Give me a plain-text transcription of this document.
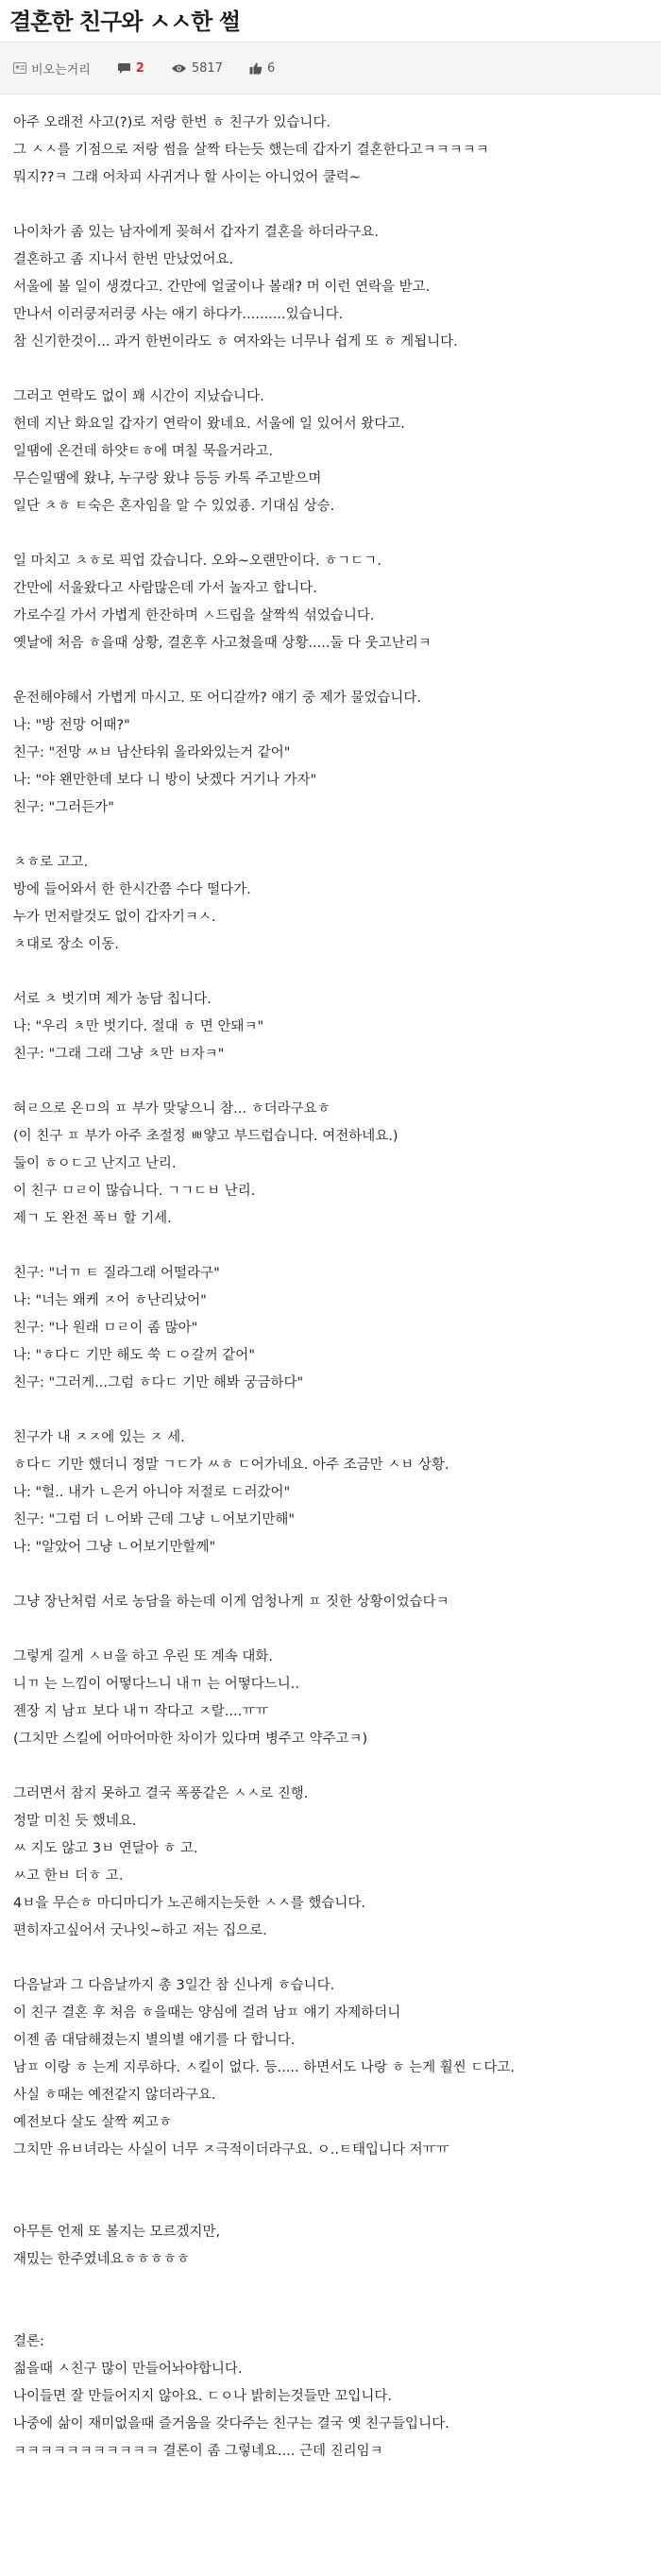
결혼한 친구와 ㅅㅅ한 썰
비오는거리	2	5817	6

아주 오래전 사고(?)로 저랑 한번 ㅎ 친구가 있습니다.

그 ㅅㅅ를 기점으로 저랑 썸을 살짝 타는듯 했는데 갑자기 결혼한다고ㅋㅋㅋㅋㅋ

뭐지??ㅋ 그래 어차피 사귀거나 할 사이는 아니었어 쿨럭~

나이차가 좀 있는 남자에게 꽂혀서 갑자기 결혼을 하더라구요.

결혼하고 좀 지나서 한번 만났었어요.

서울에 볼 일이 생겼다고. 간만에 얼굴이나 볼래? 머 이런 연락을 받고.

만나서 이러쿵저러쿵 사는 애기 하다가..........있습니다.

참 신기한것이... 과거 한번이라도 ㅎ 여자와는 너무나 쉽게 또 ㅎ 게됩니다.

그러고 연락도 없이 꽤 시간이 지났습니다.

헌데 지난 화요일 갑자기 연락이 왔네요. 서울에 일 있어서 왔다고.

일땜에 온건데 하얏ㅌㅎ에 며칠 묵을거라고.

무슨일땜에 왔냐, 누구랑 왔냐 등등 카톡 주고받으며

일단 ㅊㅎ ㅌ숙은 혼자임을 알 수 있었죵. 기대심 상승.

일 마치고 ㅊㅎ로 픽업 갔습니다. 오와~오랜만이다. ㅎㄱㄷㄱ.

간만에 서울왔다고 사람많은데 가서 놀자고 합니다.

가로수길 가서 가볍게 한잔하며 ㅅ드립을 살짝씩 섞었습니다.

옛날에 처음 ㅎ을때 상황, 결혼후 사고쳤을때 상황.....둘 다 웃고난리ㅋ

운전해야해서 가볍게 마시고. 또 어디갈까? 얘기 중 제가 물었습니다.

나: "방 전망 어때?"

친구: "전망 ㅆㅂ 남산타워 올라와있는거 같어"

나: "야 왠만한데 보다 니 방이 낫겠다 거기나 가자"

친구: "그러든가"

ㅊㅎ로 고고.

방에 들어와서 한 한시간쯤 수다 떨다가.

누가 먼저랄것도 없이 갑자기ㅋㅅ.

ㅊ대로 장소 이동.

서로 ㅊ 벗기며 제가 농담 칩니다.

나: "우리 ㅊ만 벗기다. 절대 ㅎ 면 안돼ㅋ"

친구: "그래 그래 그냥 ㅊ만 ㅂ자ㅋ"

혀ㄹ으로 온ㅁ의 ㅍ 부가 맞닿으니 참... ㅎ더라구요ㅎ

(이 친구 ㅍ 부가 아주 초절정 ㅃ얗고 부드럽습니다. 여전하네요.)

둘이 ㅎㅇㄷ고 난지고 난리.

이 친구 ㅁㄹ이 많습니다. ㄱㄱㄷㅂ 난리.

제ㄱ 도 완전 폭ㅂ 할 기세.

친구: "너ㄲ ㅌ 질라그래 어떨라구"

나: "너는 왜케 ㅈ어 ㅎ난리났어"

친구: "나 원래 ㅁㄹ이 좀 많아"

나: "ㅎ다ㄷ 기만 해도 쑥 ㄷㅇ갈꺼 같어"

친구: "그러게...그럼 ㅎ다ㄷ 기만 해봐 궁금하다"

친구가 내 ㅈㅈ에 있는 ㅈ 세.

ㅎ다ㄷ 기만 했더니 정말 ㄱㄷ가 ㅆㅎ ㄷ어가네요. 아주 조금만 ㅅㅂ 상황.

나: "헐.. 내가 ㄴ은거 아니야 저절로 ㄷ러갔어"

친구: "그럼 더 ㄴ어봐 근데 그냥 ㄴ어보기만해"

나: "알았어 그냥 ㄴ어보기만할께"

그냥 장난처럼 서로 농담을 하는데 이게 엄청나게 ㅍ 짓한 상황이었습다ㅋ

그렇게 길게 ㅅㅂ을 하고 우린 또 계속 대화.

니ㄲ 는 느낌이 어떻다느니 내ㄲ 는 어떻다느니..

젠장 지 남ㅍ 보다 내ㄲ 작다고 ㅈ랄....ㅠㅠ

(그치만 스킬에 어마어마한 차이가 있다며 병주고 약주고ㅋ)

그러면서 참지 못하고 결국 폭풍같은 ㅅㅅ로 진행.

정말 미친 듯 했네요.

ㅆ 지도 않고 3ㅂ 연달아 ㅎ 고.

ㅆ고 한ㅂ 더ㅎ 고.

4ㅂ을 무슨ㅎ 마디마디가 노곤해지는듯한 ㅅㅅ를 했습니다.

편히자고싶어서 굿나잇~하고 저는 집으로.

다음날과 그 다음날까지 총 3일간 참 신나게 ㅎ습니다.

이 친구 결혼 후 처음 ㅎ을때는 양심에 걸려 남ㅍ 얘기 자제하더니

이젠 좀 대담해졌는지 별의별 얘기를 다 합니다.

남ㅍ 이랑 ㅎ 는게 지루하다. ㅅ킬이 없다. 등..... 하면서도 나랑 ㅎ 는게 훨씬 ㄷ다고.

사실 ㅎ때는 예전같지 않더라구요.

예전보다 살도 살짝 찌고ㅎ

그치만 유ㅂ녀라는 사실이 너무 ㅈ극적이더라구요. ㅇ..ㅌ태입니다 저ㅠㅠ

아무튼 언제 또 볼지는 모르겠지만,

재밌는 한주였네요ㅎㅎㅎㅎㅎ

결론:

젊을때 ㅅ친구 많이 만들어놔야합니다.

나이들면 잘 만들어지지 않아요. ㄷㅇ나 밝히는것들만 꼬입니다.

나중에 삶이 재미없을때 즐거움을 갖다주는 친구는 결국 옛 친구들입니다.

ㅋㅋㅋㅋㅋㅋㅋㅋㅋㅋㅋ 결론이 좀 그렇네요.... 근데 진리임ㅋ
